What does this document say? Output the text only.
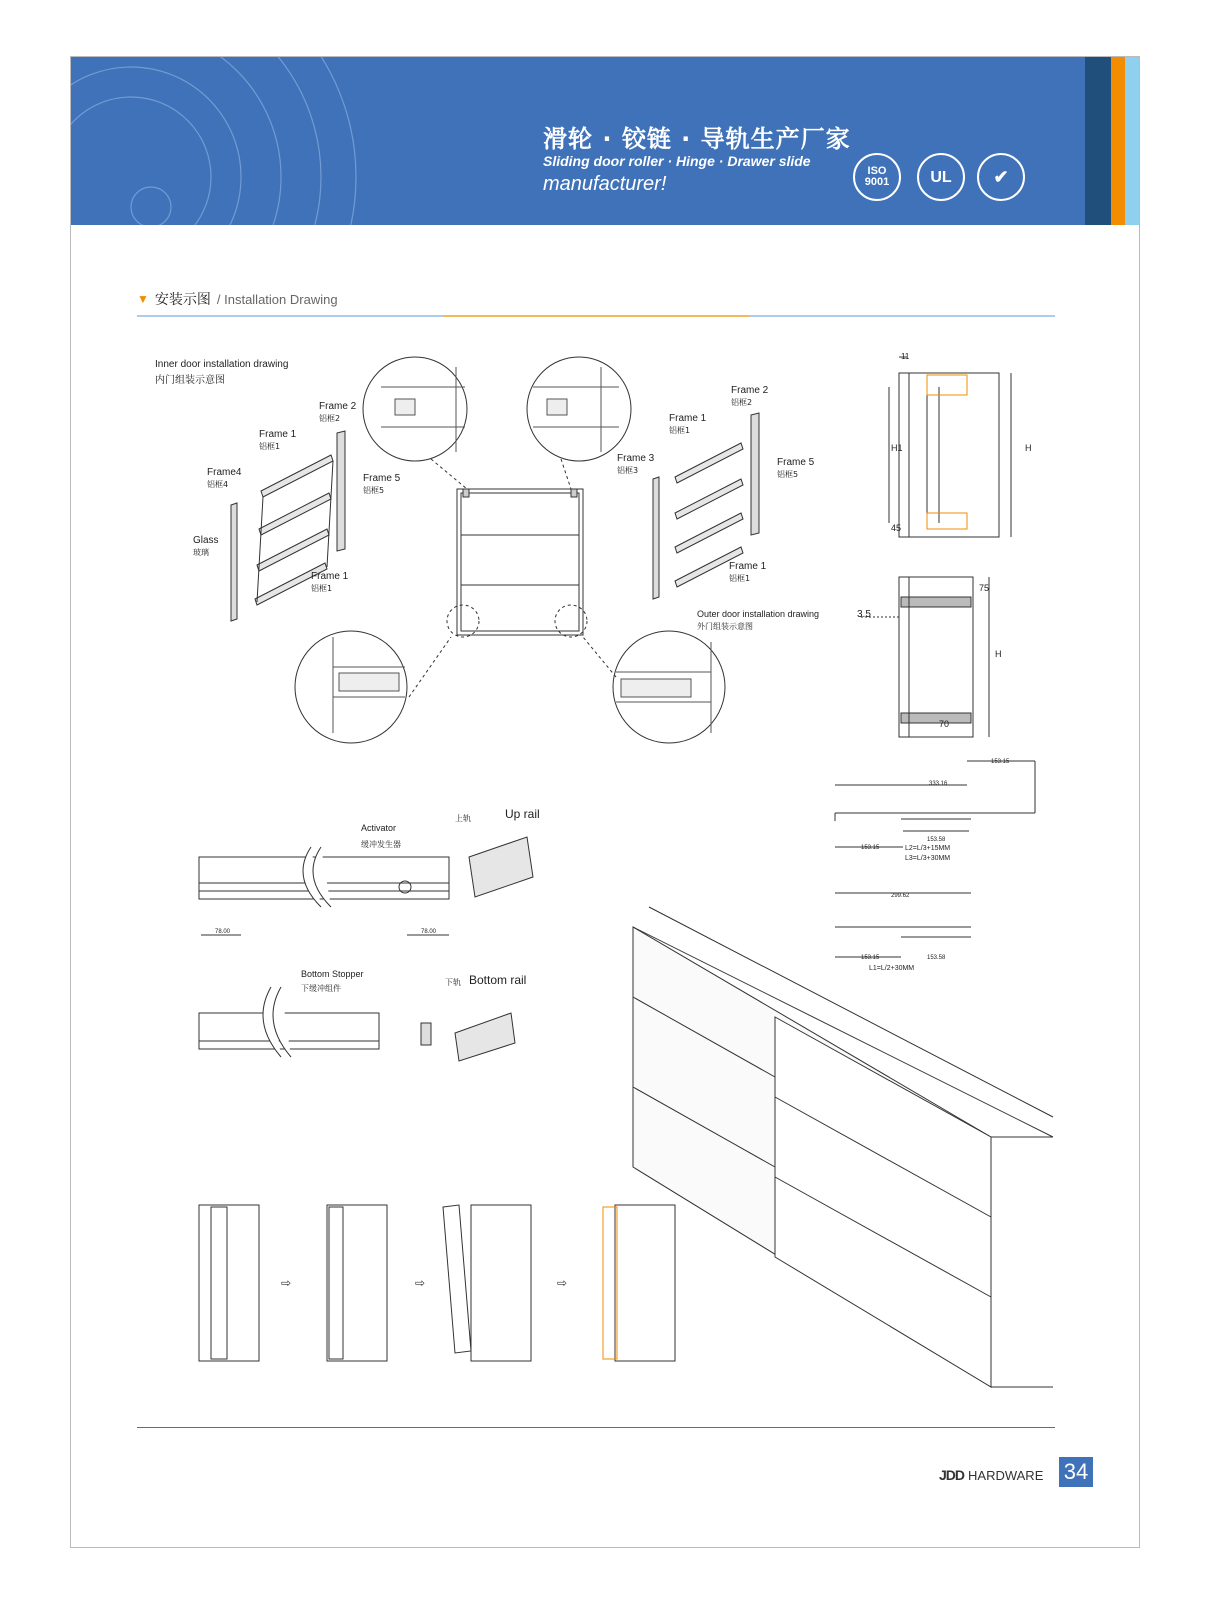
滑轮 · 铰链 · 导轨生产厂家
Sliding door roller · Hinge · Drawer slide
manufacturer!
ISO 9001	UL ✔
▼ 安装示图 / Installation Drawing
⇨	⇨	⇨
Inner door installation drawing
内门组装示意图
Frame 2
铝框2
Frame 1
铝框1
Frame4
铝框4
Frame 5
铝框5
Glass
玻璃
Frame 1
铝框1
Frame 2
铝框2
Frame 1
铝框1
Frame 3
铝框3
Frame 5
铝框5
Frame 1
铝框1
Outer door installation drawing
外门组装示意图
11
H1	H
45
3.5
75
H
70
153.15
333.16
153.58
153.15	L2=L/3+15MM
L3=L/3+30MM
299.62
153.15	153.58
L1=L/2+30MM
Activator
缓冲发生器
上轨	Up rail
78.00	78.00
Bottom Stopper
下缓冲组件
下轨 Bottom rail
JDD HARDWARE 34
